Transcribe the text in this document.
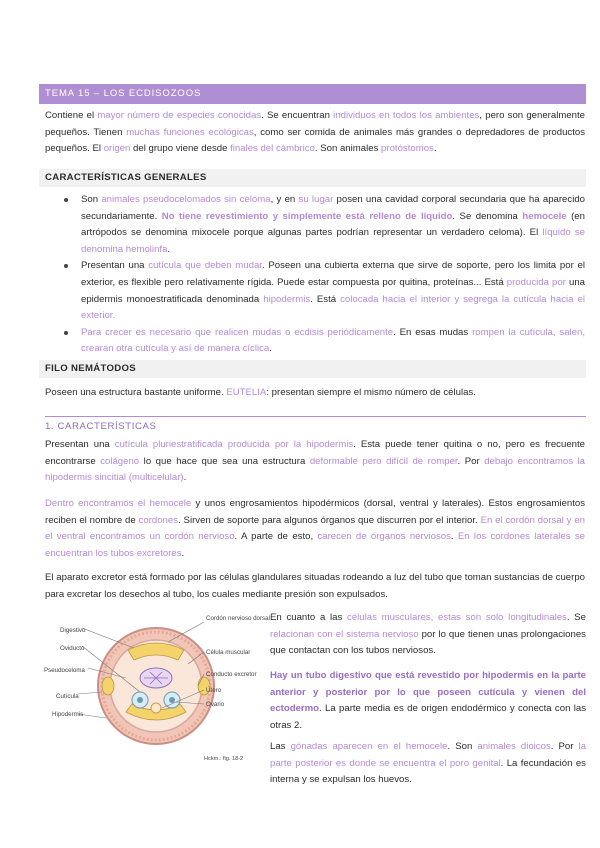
TEMA 15 – LOS ECDISOZOOS

Contiene el mayor número de especies conocidas. Se encuentran individuos en todos los ambientes, pero son generalmente pequeños. Tienen muchas funciones ecológicas, como ser comida de animales más grandes o depredadores de productos pequeños. El origen del grupo viene desde finales del cámbrico. Son animales protóstomos.

CARACTERÍSTICAS GENERALES
Son animales pseudocelomados sin celoma, y en su lugar posen una cavidad corporal secundaria que ha aparecido secundariamente. No tiene revestimiento y simplemente está relleno de líquido. Se denomina hemocele (en artrópodos se denomina mixocele porque algunas partes podrían representar un verdadero celoma). El líquido se denomina hemolinfa.
Presentan una cutícula que deben mudar. Poseen una cubierta externa que sirve de soporte, pero los limita por el exterior, es flexible pero relativamente rígida. Puede estar compuesta por quitina, proteínas... Está producida por una epidermis monoestratificada denominada hipodermis. Está colocada hacia el interior y segrega la cutícula hacia el exterior.
Para crecer es necesario que realicen mudas o ecdisis periódicamente. En esas mudas rompen la cutícula, salen, crearan otra cutícula y así de manera cíclica.
FILO NEMÁTODOS

Poseen una estructura bastante uniforme. EUTELIA: presentan siempre el mismo número de células.

1. CARACTERÍSTICAS

Presentan una cutícula pluriestratificada producida por la hipodermis. Esta puede tener quitina o no, pero es frecuente encontrarse colágeno lo que hace que sea una estructura deformable pero difícil de romper. Por debajo encontramos la hipodermis sincitial (multicelular).

Dentro encontramos el hemocele y unos engrosamientos hipodérmicos (dorsal, ventral y laterales). Estos engrosamientos reciben el nombre de cordones. Sirven de soporte para algunos órganos que discurren por el interior. En el cordón dorsal y en el ventral encontramos un cordón nervioso. A parte de esto, carecen de órganos nerviosos. En los cordones laterales se encuentran los tubos excretores.

El aparato excretor está formado por las células glandulares situadas rodeando a luz del tubo que toman sustancias de cuerpo para excretar los desechos al tubo, los cuales mediante presión son expulsados.

Digestivo
Oviducto
Pseudoceloma
Cutícula
Hipodermis
Cordón nervioso dorsal
Célula muscular
Conducto excretor
Útero
Ovario
Hckm.: fig. 18-2

En cuanto a las células musculares, estas son solo longitudinales. Se relacionan con el sistema nervioso por lo que tienen unas prolongaciones que contactan con los tubos nerviosos.

Hay un tubo digestivo que está revestido por hipodermis en la parte anterior y posterior por lo que poseen cutícula y vienen del ectodermo. La parte media es de origen endodérmico y conecta con las otras 2.

Las gónadas aparecen en el hemocele. Son animales dioicos. Por la parte posterior es donde se encuentra el poro genital. La fecundación es interna y se expulsan los huevos.
